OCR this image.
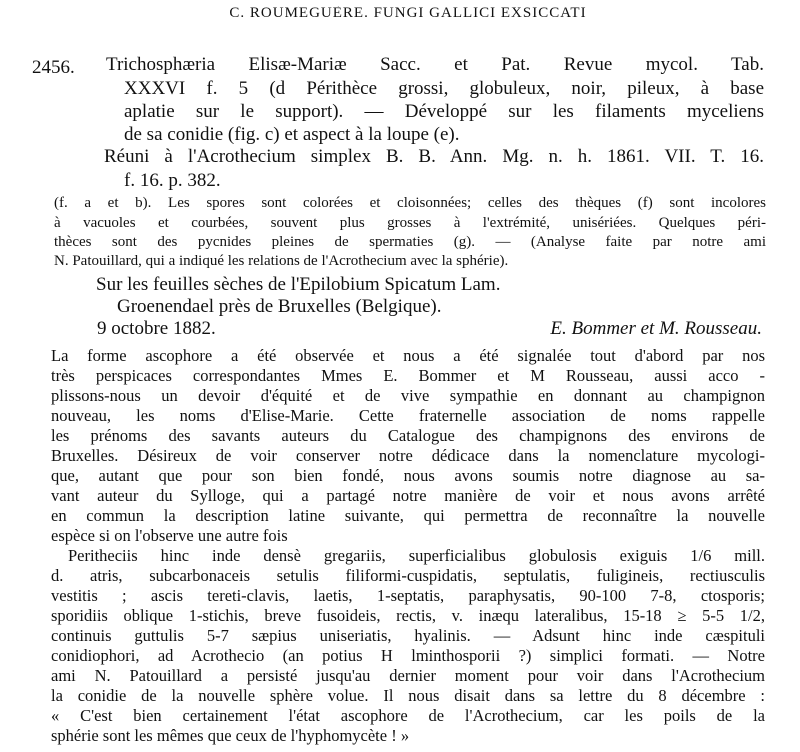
C. ROUMEGUÈRE. FUNGI GALLICI EXSICCATI
2456.	Trichosphæria Elisæ-Mariæ Sacc. et Pat. Revue mycol. Tab.
XXXVI f. 5 (d Périthèce grossi, globuleux, noir, pileux, à base
aplatie sur le support). — Développé sur les filaments myceliens
de sa conidie (fig. c) et aspect à la loupe (e).
Réuni à l'Acrothecium simplex B. B. Ann. Mg. n. h. 1861. VII. T. 16.
f. 16. p. 382.
(f. a et b). Les spores sont colorées et cloisonnées; celles des thèques (f) sont incolores
à vacuoles et courbées, souvent plus grosses à l'extrémité, unisériées. Quelques péri-
thèces sont des pycnides pleines de spermaties (g). — (Analyse faite par notre ami
N. Patouillard, qui a indiqué les relations de l'Acrothecium avec la sphérie).
Sur les feuilles sèches de l'Epilobium Spicatum Lam.
Groenendael près de Bruxelles (Belgique).
9 octobre 1882.	E. Bommer et M. Rousseau.
La forme ascophore a été observée et nous a été signalée tout d'abord par nos
très perspicaces correspondantes Mmes E. Bommer et M Rousseau, aussi acco -
plissons-nous un devoir d'équité et de vive sympathie en donnant au champignon
nouveau, les noms d'Elise-Marie. Cette fraternelle association de noms rappelle
les prénoms des savants auteurs du Catalogue des champignons des environs de
Bruxelles. Désireux de voir conserver notre dédicace dans la nomenclature mycologi-
que, autant que pour son bien fondé, nous avons soumis notre diagnose au sa-
vant auteur du Sylloge, qui a partagé notre manière de voir et nous avons arrêté
en commun la description latine suivante, qui permettra de reconnaître la nouvelle
espèce si on l'observe une autre fois
Peritheciis hinc inde densè gregariis, superficialibus globulosis exiguis 1/6 mill.
d. atris, subcarbonaceis setulis filiformi-cuspidatis, septulatis, fuliginеis, rectiusculis
vestitis ; ascis tereti-clavis, laetis, 1-septatis, paraphysatis, 90-100 7-8, ctosporis;
sporidiis oblique 1-stichis, breve fusoideis, rectis, v. inæqu lateralibus, 15-18 ≥ 5-5 1/2,
continuis guttulis 5-7 sæpius uniseriatis, hyalinis. — Adsunt hinc inde cæspituli
conidiophori, ad Acrothecio (an potius H lminthosporii ?) simplici formati. — Notre
ami N. Patouillard a persisté jusqu'au dernier moment pour voir dans l'Acrothecium
la conidie de la nouvelle sphère volue. Il nous disait dans sa lettre du 8 décembre :
« C'est bien certainement l'état ascophore de l'Acrothecium, car les poils de la
sphérie sont les mêmes que ceux de l'hyphomycète ! »
